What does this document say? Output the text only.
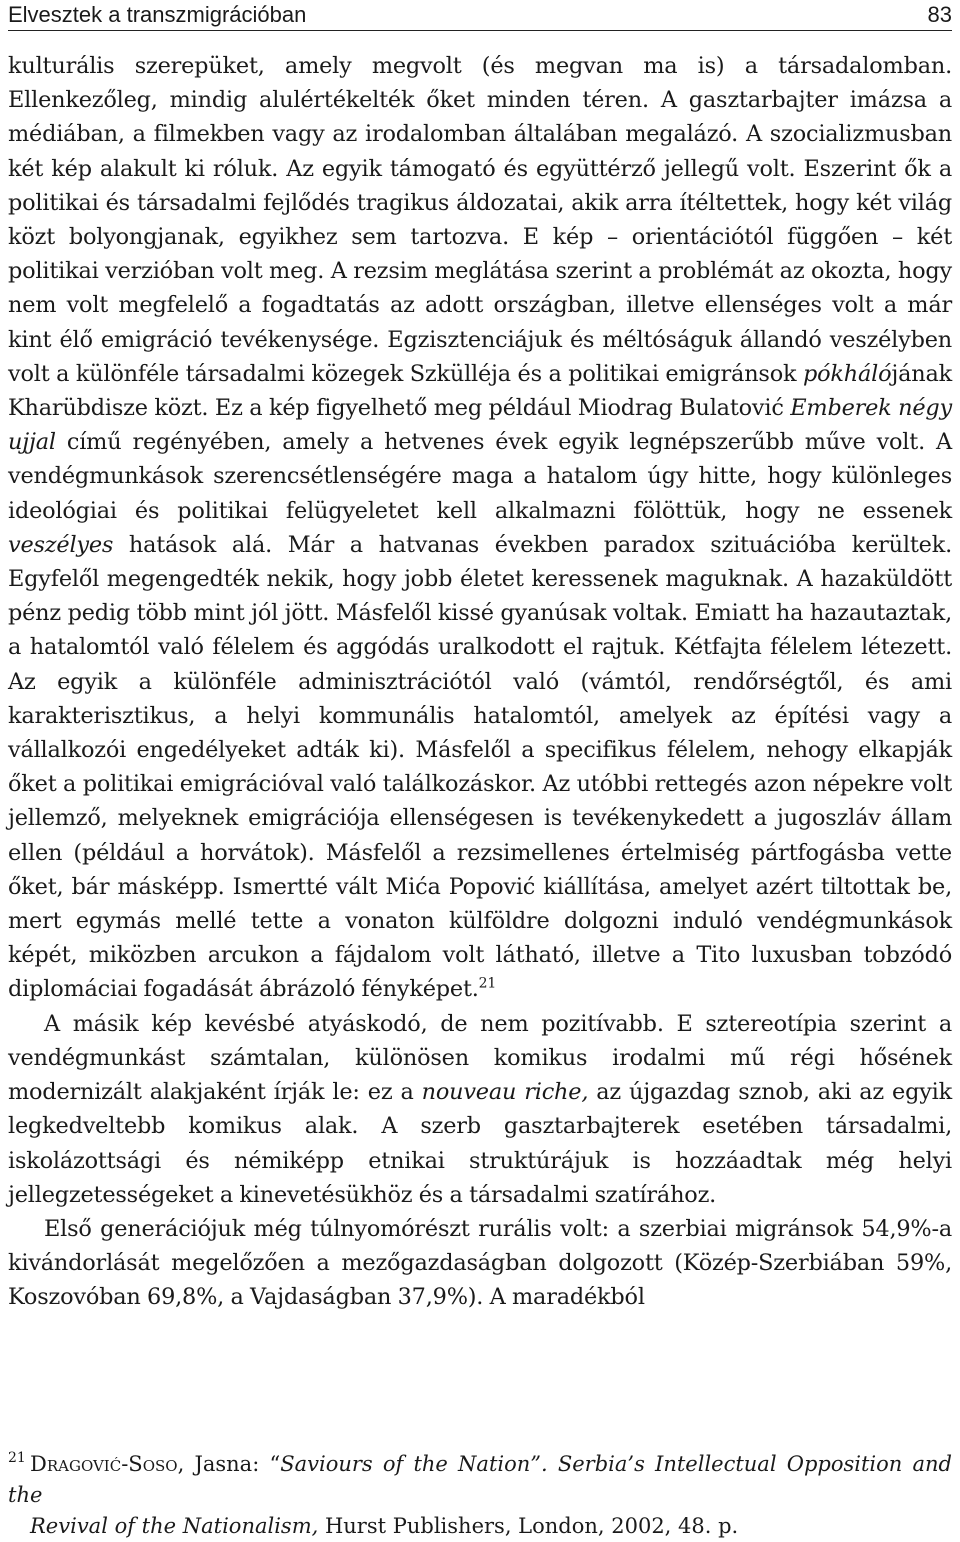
Elvesztek a transzmigrációban	83

kulturális szerepüket, amely megvolt (és megvan ma is) a társadalomban. Ellenkezőleg, mindig alulértékelték őket minden téren. A gasztarbajter imázsa a médiában, a filmekben vagy az irodalomban általában megalázó. A szocializmusban két kép alakult ki róluk. Az egyik támogató és együttérző jellegű volt. Eszerint ők a politikai és társadalmi fejlődés tragikus áldozatai, akik arra ítéltettek, hogy két világ közt bolyongjanak, egyikhez sem tartozva. E kép – orientációtól függően – két politikai verzióban volt meg. A rezsim meglátása szerint a problémát az okozta, hogy nem volt megfelelő a fogadtatás az adott országban, illetve ellenséges volt a már kint élő emigráció tevékenysége. Egzisztenciájuk és méltóságuk állandó veszélyben volt a különféle társadalmi közegek Szkülléja és a politikai emigránsok pókhálójának Kharübdisze közt. Ez a kép figyelhető meg például Miodrag Bulatović Emberek négy ujjal című regényében, amely a hetvenes évek egyik legnépszerűbb műve volt. A vendégmunkások szerencsétlenségére maga a hatalom úgy hitte, hogy különleges ideológiai és politikai felügyeletet kell alkalmazni fölöttük, hogy ne essenek veszélyes hatások alá. Már a hatvanas években paradox szituációba kerültek. Egyfelől megengedték nekik, hogy jobb életet keressenek maguknak. A hazaküldött pénz pedig több mint jól jött. Másfelől kissé gyanúsak voltak. Emiatt ha hazautaztak, a hatalomtól való félelem és aggódás uralkodott el rajtuk. Kétfajta félelem létezett. Az egyik a különféle adminisztrációtól való (vámtól, rendőrségtől, és ami karakterisztikus, a helyi kommunális hatalomtól, amelyek az építési vagy a vállalkozói engedélyeket adták ki). Másfelől a specifikus félelem, nehogy elkapják őket a politikai emigrációval való találkozáskor. Az utóbbi rettegés azon népekre volt jellemző, melyeknek emigrációja ellenségesen is tevékenykedett a jugoszláv állam ellen (például a horvátok). Másfelől a rezsimellenes értelmiség pártfogásba vette őket, bár másképp. Ismertté vált Mića Popović kiállítása, amelyet azért tiltottak be, mert egymás mellé tette a vonaton külföldre dolgozni induló vendégmunkások képét, miközben arcukon a fájdalom volt látható, illetve a Tito luxusban tobzódó diplomáciai fogadását ábrázoló fényképet.$^{21}$

A másik kép kevésbé atyáskodó, de nem pozitívabb. E sztereotípia szerint a vendégmunkást számtalan, különösen komikus irodalmi mű régi hősének modernizált alakjaként írják le: ez a nouveau riche, az újgazdag sznob, aki az egyik legkedveltebb komikus alak. A szerb gasztarbajterek esetében társadalmi, iskolázottsági és némiképp etnikai struktúrájuk is hozzáadtak még helyi jellegzetességeket a kinevetésükhöz és a társadalmi szatírához.

Első generációjuk még túlnyomórészt rurális volt: a szerbiai migránsok 54,9%-a kivándorlását megelőzően a mezőgazdaságban dolgozott (Közép-Szerbiában 59%, Koszovóban 69,8%, a Vajdaságban 37,9%). A maradékból

21 Dragović-Soso, Jasna: “Saviours of the Nation”. Serbia’s Intellectual Opposition and the
Revival of the Nationalism, Hurst Publishers, London, 2002, 48. p.
